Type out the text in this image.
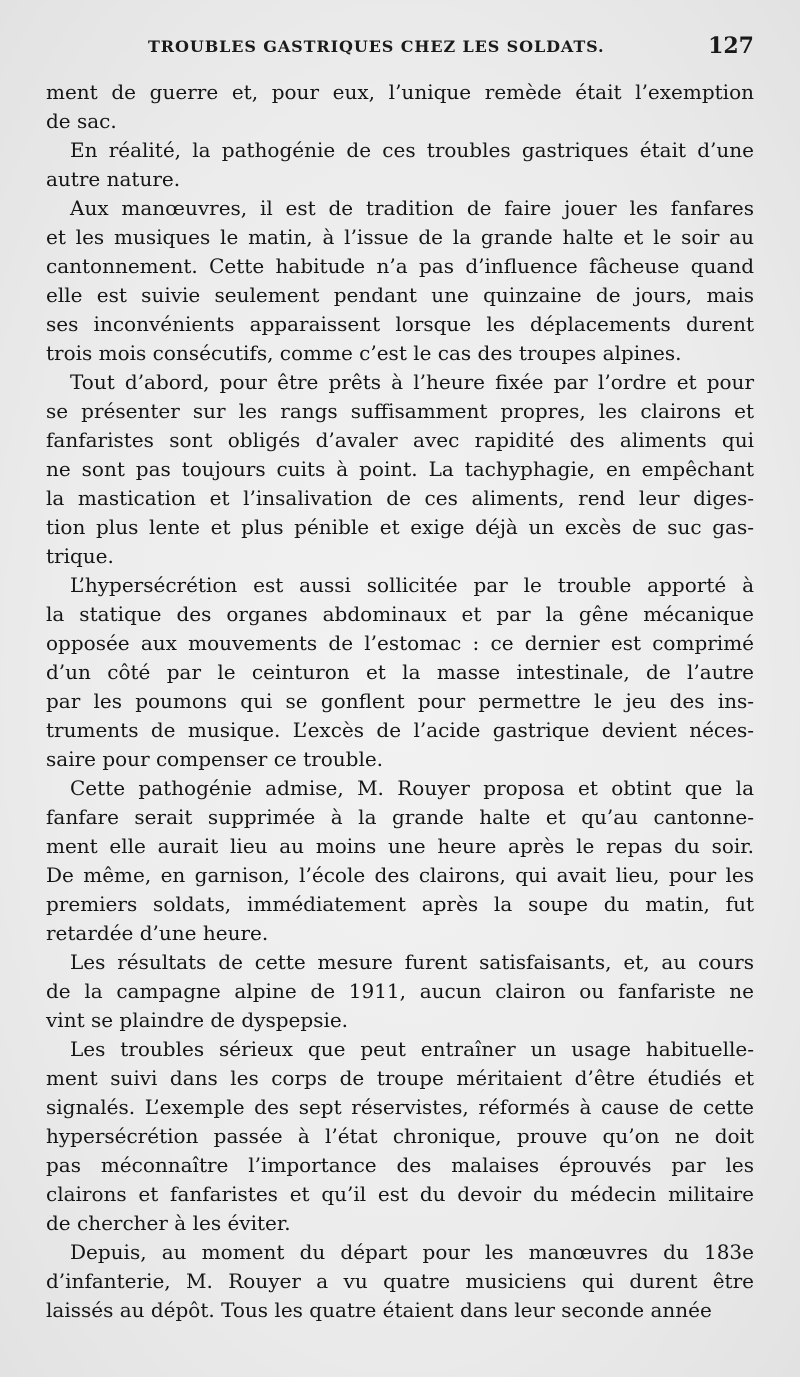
TROUBLES GASTRIQUES CHEZ LES SOLDATS.	127
ment de guerre et, pour eux, l’unique remède était l’exemption
de sac.
En réalité, la pathogénie de ces troubles gastriques était d’une
autre nature.
Aux manœuvres, il est de tradition de faire jouer les fanfares
et les musiques le matin, à l’issue de la grande halte et le soir au
cantonnement. Cette habitude n’a pas d’influence fâcheuse quand
elle est suivie seulement pendant une quinzaine de jours, mais
ses inconvénients apparaissent lorsque les déplacements durent
trois mois consécutifs, comme c’est le cas des troupes alpines.
Tout d’abord, pour être prêts à l’heure fixée par l’ordre et pour
se présenter sur les rangs suffisamment propres, les clairons et
fanfaristes sont obligés d’avaler avec rapidité des aliments qui
ne sont pas toujours cuits à point. La tachyphagie, en empêchant
la mastication et l’insalivation de ces aliments, rend leur diges-
tion plus lente et plus pénible et exige déjà un excès de suc gas-
trique.
L’hypersécrétion est aussi sollicitée par le trouble apporté à
la statique des organes abdominaux et par la gêne mécanique
opposée aux mouvements de l’estomac : ce dernier est comprimé
d’un côté par le ceinturon et la masse intestinale, de l’autre
par les poumons qui se gonflent pour permettre le jeu des ins-
truments de musique. L’excès de l’acide gastrique devient néces-
saire pour compenser ce trouble.
Cette pathogénie admise, M. Rouyer proposa et obtint que la
fanfare serait supprimée à la grande halte et qu’au cantonne-
ment elle aurait lieu au moins une heure après le repas du soir.
De même, en garnison, l’école des clairons, qui avait lieu, pour les
premiers soldats, immédiatement après la soupe du matin, fut
retardée d’une heure.
Les résultats de cette mesure furent satisfaisants, et, au cours
de la campagne alpine de 1911, aucun clairon ou fanfariste ne
vint se plaindre de dyspepsie.
Les troubles sérieux que peut entraîner un usage habituelle-
ment suivi dans les corps de troupe méritaient d’être étudiés et
signalés. L’exemple des sept réservistes, réformés à cause de cette
hypersécrétion passée à l’état chronique, prouve qu’on ne doit
pas méconnaître l’importance des malaises éprouvés par les
clairons et fanfaristes et qu’il est du devoir du médecin militaire
de chercher à les éviter.
Depuis, au moment du départ pour les manœuvres du 183e
d’infanterie, M. Rouyer a vu quatre musiciens qui durent être
laissés au dépôt. Tous les quatre étaient dans leur seconde année
